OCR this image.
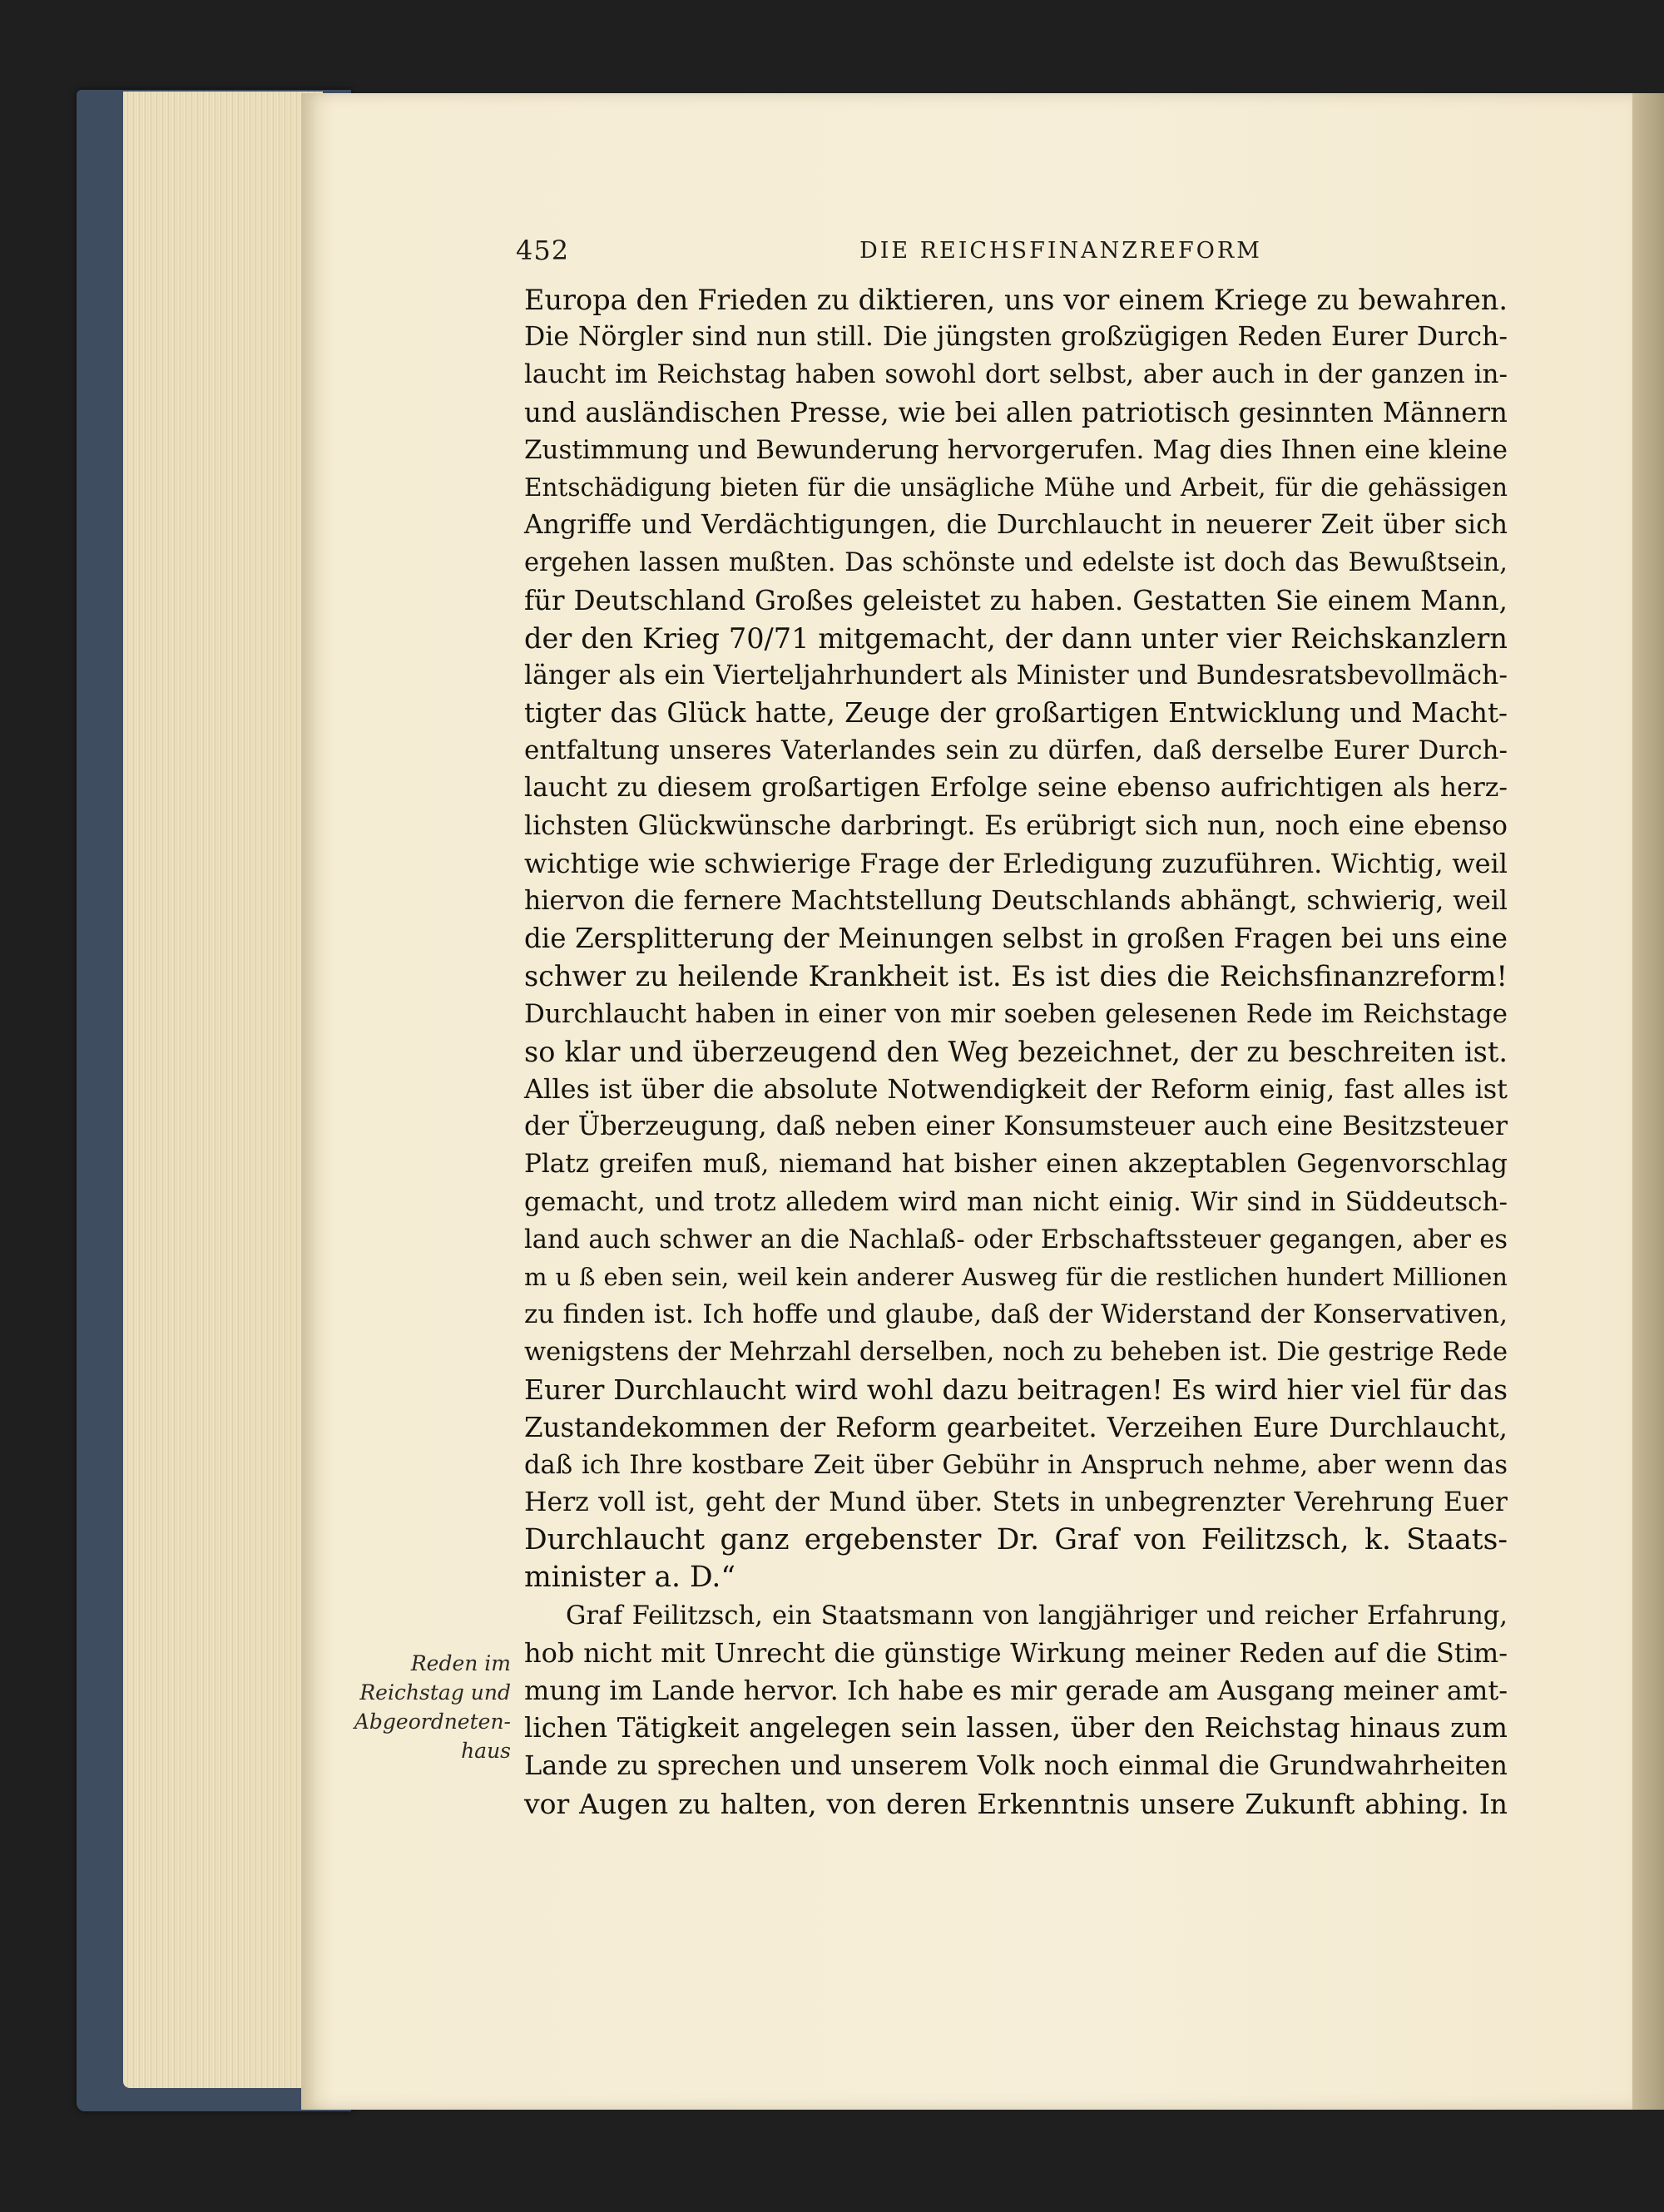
452	DIE REICHSFINANZREFORM
Europa den Frieden zu diktieren, uns vor einem Kriege zu bewahren.
Die Nörgler sind nun still. Die jüngsten großzügigen Reden Eurer Durch-
laucht im Reichstag haben sowohl dort selbst, aber auch in der ganzen in-
und ausländischen Presse, wie bei allen patriotisch gesinnten Männern
Zustimmung und Bewunderung hervorgerufen. Mag dies Ihnen eine kleine
Entschädigung bieten für die unsägliche Mühe und Arbeit, für die gehässigen
Angriffe und Verdächtigungen, die Durchlaucht in neuerer Zeit über sich
ergehen lassen mußten. Das schönste und edelste ist doch das Bewußtsein,
für Deutschland Großes geleistet zu haben. Gestatten Sie einem Mann,
der den Krieg 70/71 mitgemacht, der dann unter vier Reichskanzlern
länger als ein Vierteljahrhundert als Minister und Bundesratsbevollmäch-
tigter das Glück hatte, Zeuge der großartigen Entwicklung und Macht-
entfaltung unseres Vaterlandes sein zu dürfen, daß derselbe Eurer Durch-
laucht zu diesem großartigen Erfolge seine ebenso aufrichtigen als herz-
lichsten Glückwünsche darbringt. Es erübrigt sich nun, noch eine ebenso
wichtige wie schwierige Frage der Erledigung zuzuführen. Wichtig, weil
hiervon die fernere Machtstellung Deutschlands abhängt, schwierig, weil
die Zersplitterung der Meinungen selbst in großen Fragen bei uns eine
schwer zu heilende Krankheit ist. Es ist dies die Reichsfinanzreform!
Durchlaucht haben in einer von mir soeben gelesenen Rede im Reichstage
so klar und überzeugend den Weg bezeichnet, der zu beschreiten ist.
Alles ist über die absolute Notwendigkeit der Reform einig, fast alles ist
der Überzeugung, daß neben einer Konsumsteuer auch eine Besitzsteuer
Platz greifen muß, niemand hat bisher einen akzeptablen Gegenvorschlag
gemacht, und trotz alledem wird man nicht einig. Wir sind in Süddeutsch-
land auch schwer an die Nachlaß- oder Erbschaftssteuer gegangen, aber es
m u ß eben sein, weil kein anderer Ausweg für die restlichen hundert Millionen
zu finden ist. Ich hoffe und glaube, daß der Widerstand der Konservativen,
wenigstens der Mehrzahl derselben, noch zu beheben ist. Die gestrige Rede
Eurer Durchlaucht wird wohl dazu beitragen! Es wird hier viel für das
Zustandekommen der Reform gearbeitet. Verzeihen Eure Durchlaucht,
daß ich Ihre kostbare Zeit über Gebühr in Anspruch nehme, aber wenn das
Herz voll ist, geht der Mund über. Stets in unbegrenzter Verehrung Euer
Durchlaucht ganz ergebenster Dr. Graf von Feilitzsch, k. Staats-
minister a. D.“
Graf Feilitzsch, ein Staatsmann von langjähriger und reicher Erfahrung,
hob nicht mit Unrecht die günstige Wirkung meiner Reden auf die Stim-
mung im Lande hervor. Ich habe es mir gerade am Ausgang meiner amt-
lichen Tätigkeit angelegen sein lassen, über den Reichstag hinaus zum
Lande zu sprechen und unserem Volk noch einmal die Grundwahrheiten
vor Augen zu halten, von deren Erkenntnis unsere Zukunft abhing. In
Reden im
Reichstag und
Abgeordneten-
haus
